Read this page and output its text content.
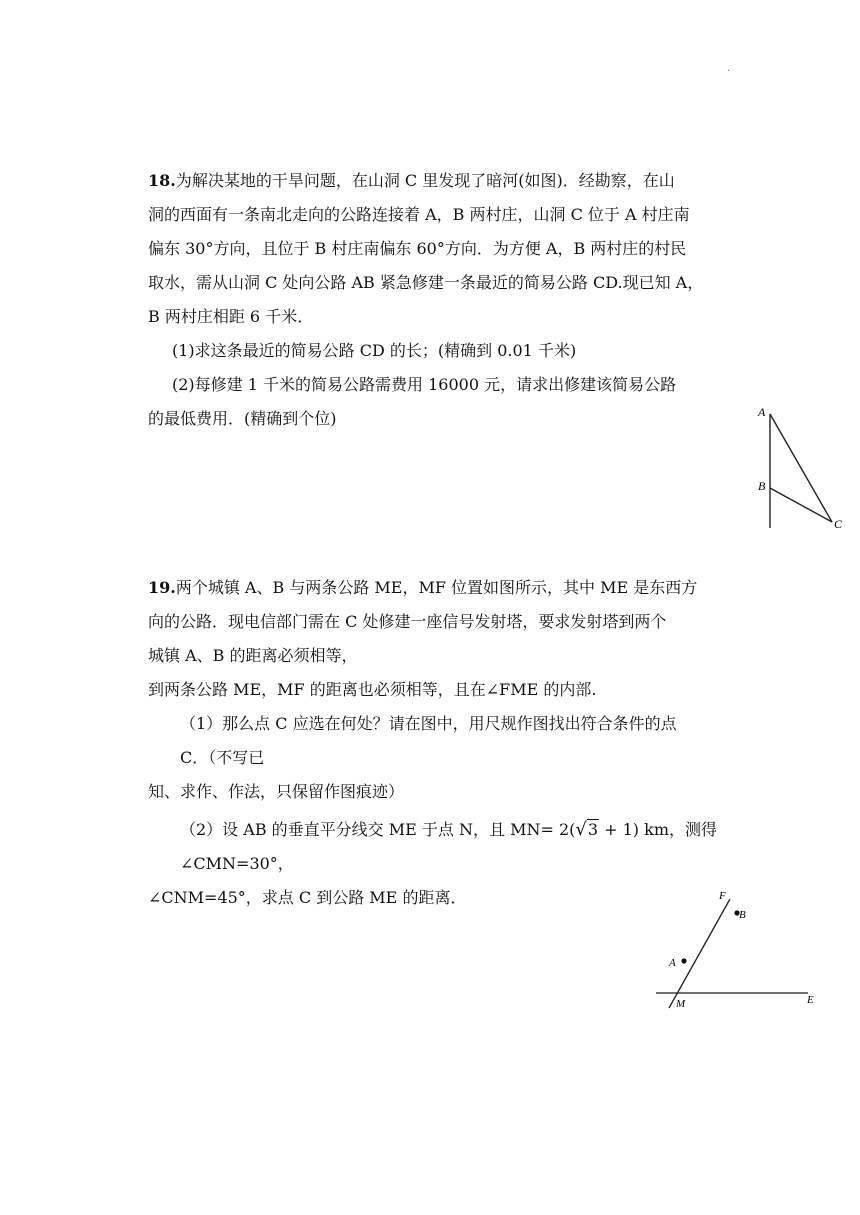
·
18.为解决某地的干旱问题，在山洞 C 里发现了暗河(如图)．经勘察，在山
洞的西面有一条南北走向的公路连接着 A，B 两村庄，山洞 C 位于 A 村庄南
偏东 30°方向，且位于 B 村庄南偏东 60°方向．为方便 A，B 两村庄的村民
取水，需从山洞 C 处向公路 AB 紧急修建一条最近的简易公路 CD.现已知 A，
B 两村庄相距 6 千米．
(1)求这条最近的简易公路 CD 的长；(精确到 0.01 千米)
(2)每修建 1 千米的简易公路需费用 16000 元，请求出修建该简易公路
的最低费用．(精确到个位)	A
B
C
19.两个城镇 A、B 与两条公路 ME，MF 位置如图所示，其中 ME 是东西方
向的公路．现电信部门需在 C 处修建一座信号发射塔，要求发射塔到两个
城镇 A、B 的距离必须相等，
到两条公路 ME，MF 的距离也必须相等，且在∠FME 的内部.
（1）那么点 C 应选在何处？请在图中，用尺规作图找出符合条件的点
C．（不写已
知、求作、作法，只保留作图痕迹）
（2）设 AB 的垂直平分线交 ME 于点 N，且 MN= 2(√3 + 1) km，测得
∠CMN=30°，
∠CNM=45°，求点 C 到公路 ME 的距离．	F
B
A
M	E
